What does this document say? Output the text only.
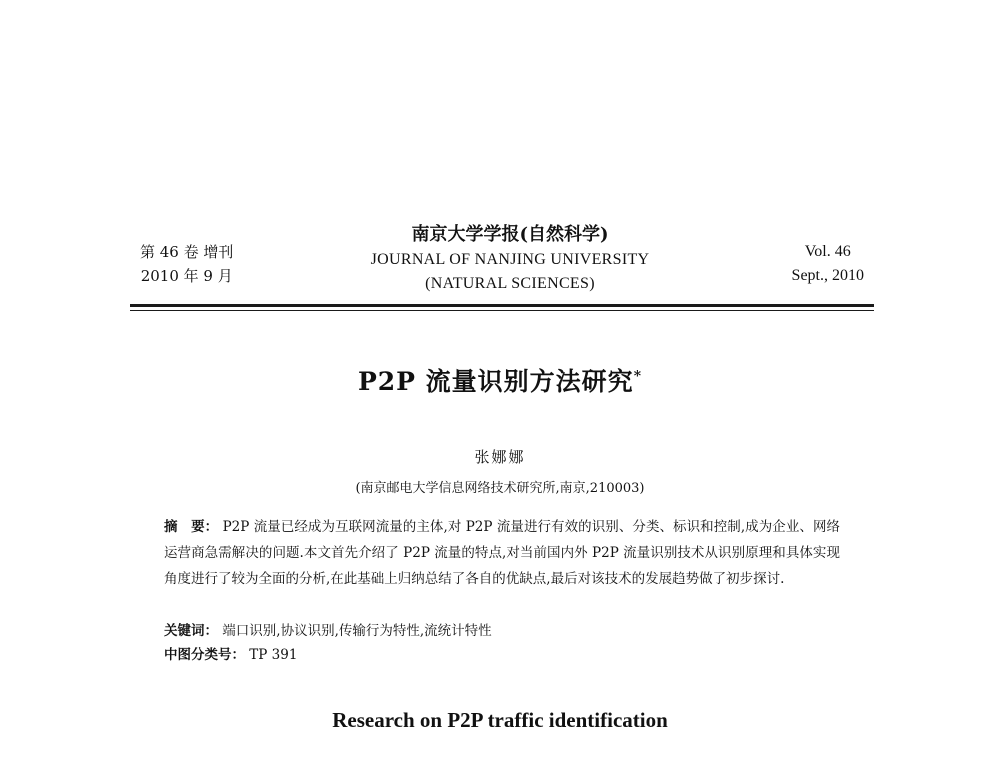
第 46 卷 增刊
2010 年 9 月
南京大学学报(自然科学)
JOURNAL OF NANJING UNIVERSITY
(NATURAL SCIENCES)
Vol. 46
Sept., 2010
P2P 流量识别方法研究*
张娜娜
(南京邮电大学信息网络技术研究所,南京,210003)
摘　要： P2P 流量已经成为互联网流量的主体,对 P2P 流量进行有效的识别、分类、标识和控制,成为企业、网络运营商急需解决的问题.本文首先介绍了 P2P 流量的特点,对当前国内外 P2P 流量识别技术从识别原理和具体实现角度进行了较为全面的分析,在此基础上归纳总结了各自的优缺点,最后对该技术的发展趋势做了初步探讨.
关键词： 端口识别,协议识别,传输行为特性,流统计特性
中图分类号： TP 391
Research on P2P traffic identification
